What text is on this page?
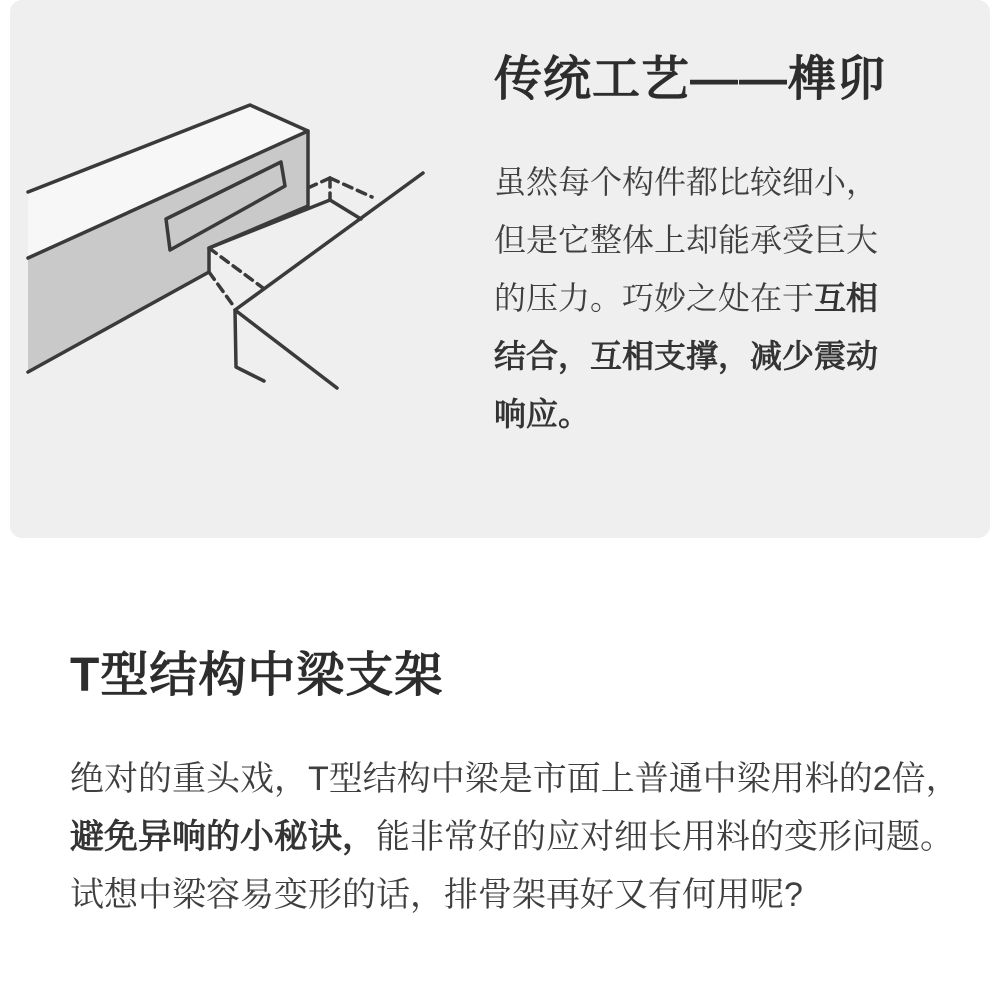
传统工艺——榫卯

虽然每个构件都比较细小，但是它整体上却能承受巨大的压力。巧妙之处在于互相结合，互相支撑，减少震动响应。

T型结构中梁支架

绝对的重头戏，T型结构中梁是市面上普通中梁用料的2倍，避免异响的小秘诀，能非常好的应对细长用料的变形问题。试想中梁容易变形的话，排骨架再好又有何用呢?
